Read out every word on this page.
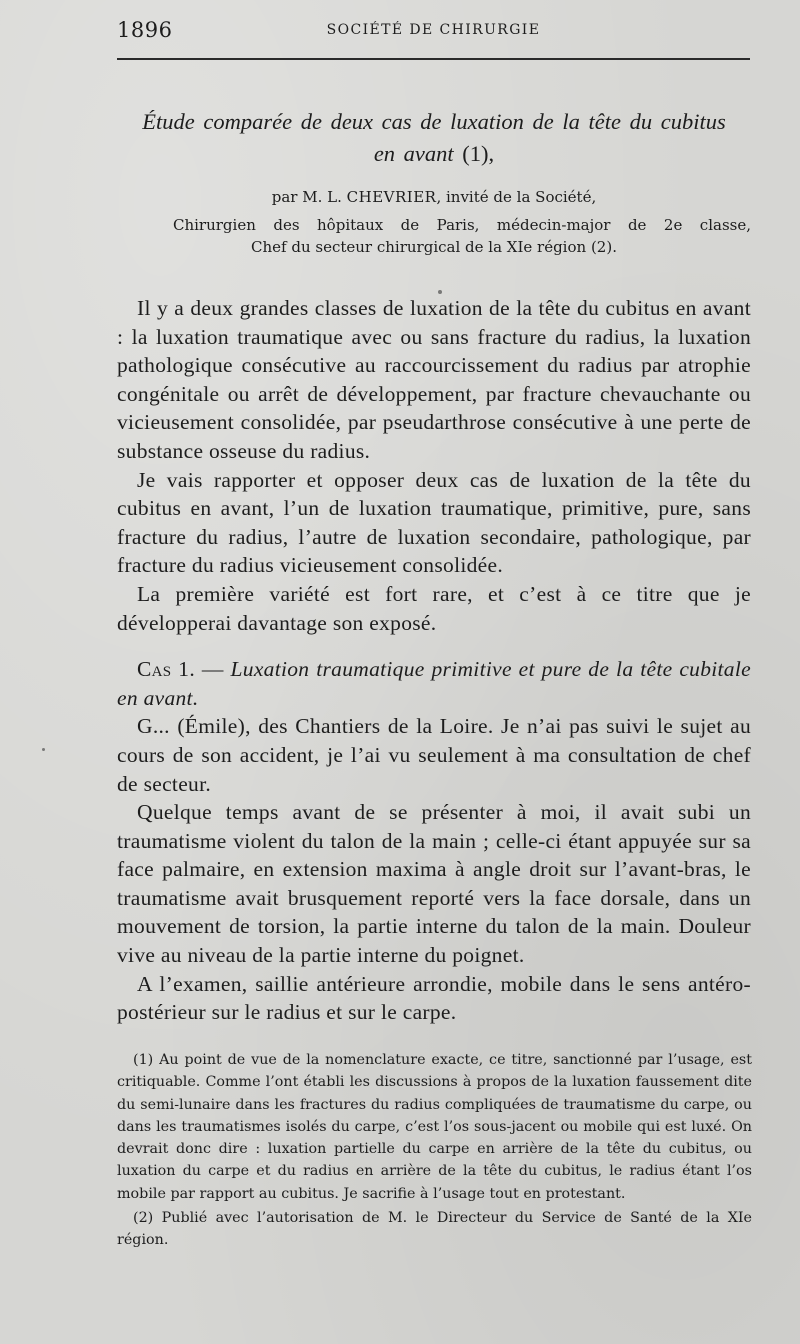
1896	SOCIÉTÉ DE CHIRURGIE
Étude comparée de deux cas de luxation de la tête du cubitus
en avant (1),
par M. L. CHEVRIER, invité de la Société,
Chirurgien des hôpitaux de Paris, médecin-major de 2e classe,
Chef du secteur chirurgical de la XIe région (2).

Il y a deux grandes classes de luxation de la tête du cubitus en avant : la luxation traumatique avec ou sans fracture du radius, la luxation pathologique consécutive au raccourcissement du radius par atrophie congénitale ou arrêt de développement, par fracture chevauchante ou vicieusement consolidée, par pseudarthrose consécutive à une perte de substance osseuse du radius.

Je vais rapporter et opposer deux cas de luxation de la tête du cubitus en avant, l’un de luxation traumatique, primitive, pure, sans fracture du radius, l’autre de luxation secondaire, pathologique, par fracture du radius vicieusement consolidée.

La première variété est fort rare, et c’est à ce titre que je développerai davantage son exposé.

Cas 1. — Luxation traumatique primitive et pure de la tête cubitale en avant.

G... (Émile), des Chantiers de la Loire. Je n’ai pas suivi le sujet au cours de son accident, je l’ai vu seulement à ma consultation de chef de secteur.

Quelque temps avant de se présenter à moi, il avait subi un traumatisme violent du talon de la main ; celle-ci étant appuyée sur sa face palmaire, en extension maxima à angle droit sur l’avant-bras, le traumatisme avait brusquement reporté vers la face dorsale, dans un mouvement de torsion, la partie interne du talon de la main. Douleur vive au niveau de la partie interne du poignet.

A l’examen, saillie antérieure arrondie, mobile dans le sens antéro-postérieur sur le radius et sur le carpe.

(1) Au point de vue de la nomenclature exacte, ce titre, sanctionné par l’usage, est critiquable. Comme l’ont établi les discussions à propos de la luxation faussement dite du semi-lunaire dans les fractures du radius compliquées de traumatisme du carpe, ou dans les traumatismes isolés du carpe, c’est l’os sous-jacent ou mobile qui est luxé. On devrait donc dire : luxation partielle du carpe en arrière de la tête du cubitus, ou luxation du carpe et du radius en arrière de la tête du cubitus, le radius étant l’os mobile par rapport au cubitus. Je sacrifie à l’usage tout en protestant.

(2) Publié avec l’autorisation de M. le Directeur du Service de Santé de la XIe région.
